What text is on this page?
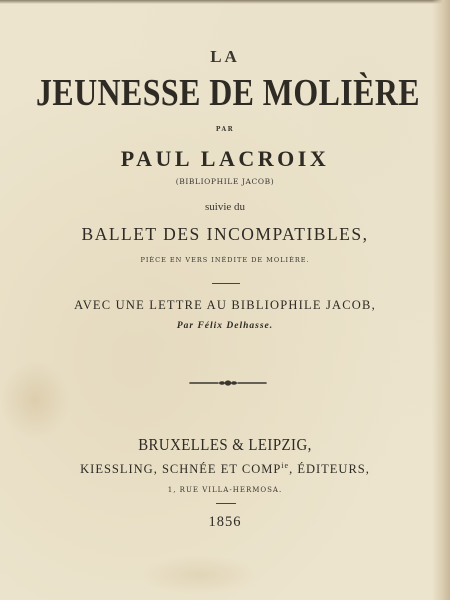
LA
JEUNESSE DE MOLIÈRE
PAR
PAUL LACROIX
(BIBLIOPHILE JACOB)
suivie du
BALLET DES INCOMPATIBLES,
PIÈCE EN VERS INÉDITE DE MOLIÈRE.
AVEC UNE LETTRE AU BIBLIOPHILE JACOB,
Par Félix Delhasse.
BRUXELLES & LEIPZIG,
KIESSLING, SCHNÉE ET $COMP^{ie}$, ÉDITEURS,
1, RUE VILLA-HERMOSA.
1856
